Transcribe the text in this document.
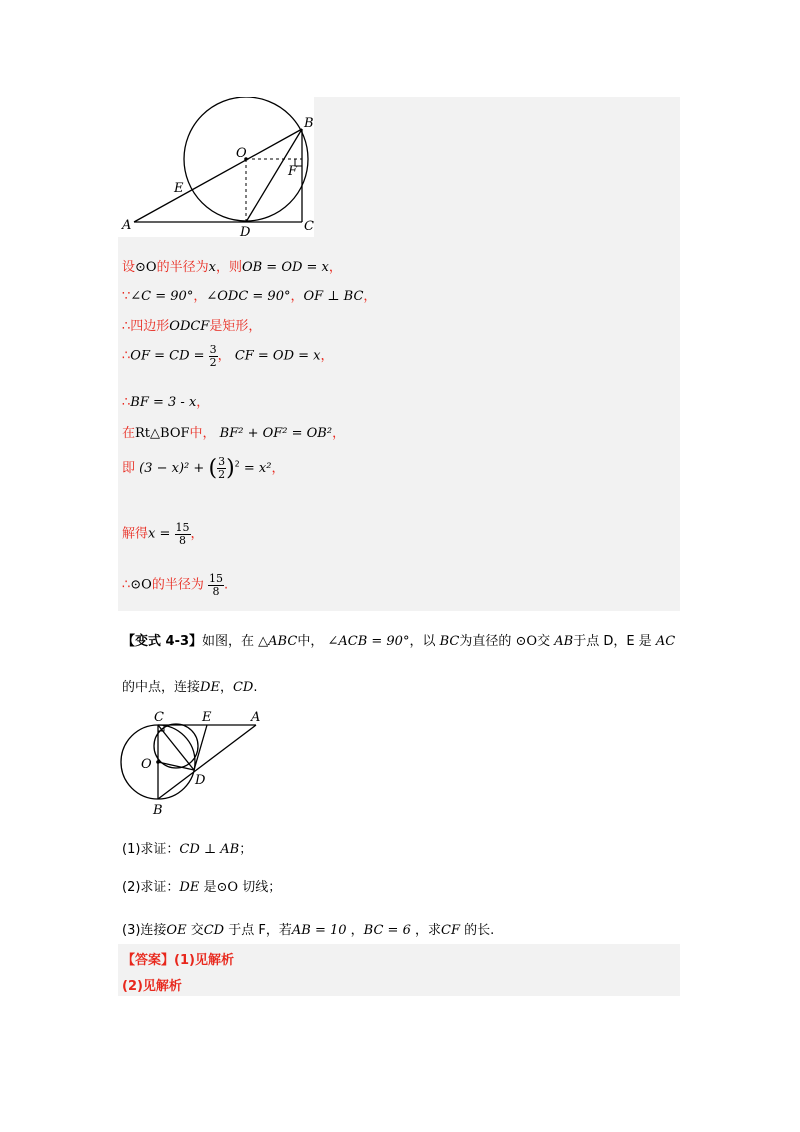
O
B
F
E
A	D	C
设⊙O的半径为x，则OB = OD = x，
∵∠C = 90°，∠ODC = 90°，OF ⊥ BC，
∴四边形ODCF是矩形，
∴OF = CD = $\frac{3}{2}$ ， CF = OD = x，
∴BF = 3 - x，
在Rt△BOF中， BF² + OF² = OB²，
即 (3 − x)² + ( $\frac{3}{2} )^2 = x^2$，
解得$x = \frac{15}{8}$ ，
∴⊙O的半径为 $\frac{15}{8}$ .
【变式 4-3】如图，在 △ABC中， ∠ACB = 90°，以 BC为直径的 ⊙O交 AB于点 D，E 是 AC
的中点，连接DE，CD.
C	E	A
O
D
B
(1)求证：CD ⊥ AB；
(2)求证：DE 是⊙O 切线；
(3)连接OE 交CD 于点 F，若AB = 10 ，BC = 6 ，求CF 的长.
【答案】(1)见解析
(2)见解析
